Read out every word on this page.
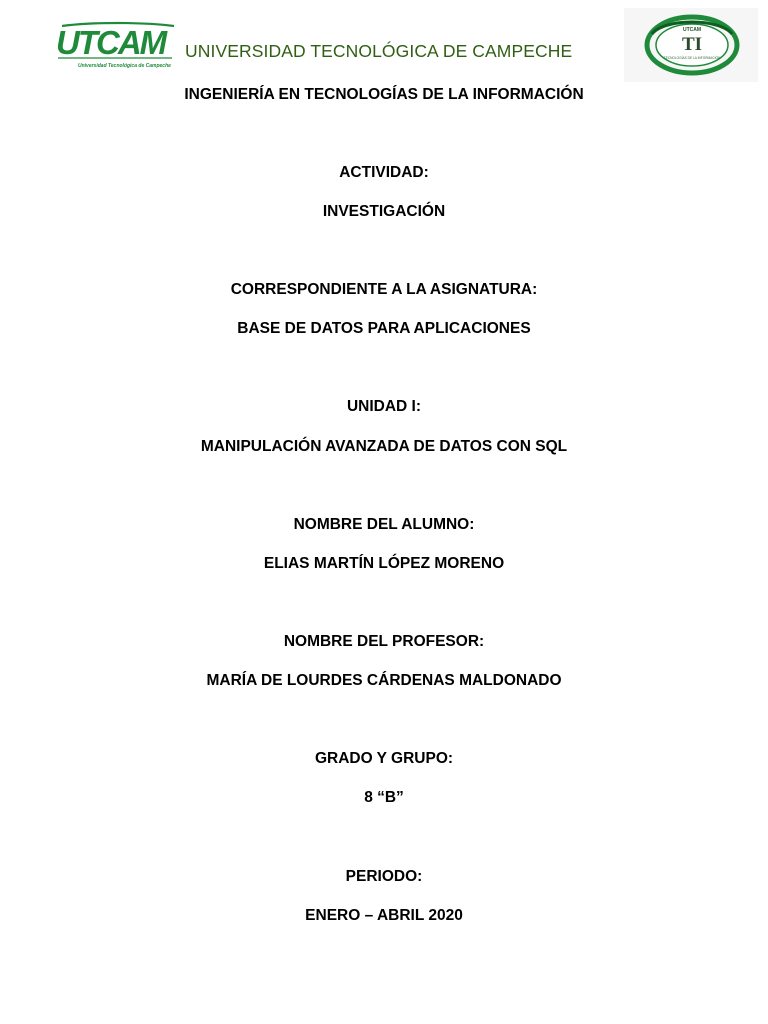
UTCAM
Universidad Tecnológica de Campeche
UNIVERSIDAD TECNOLÓGICA DE CAMPECHE
UTCAM
TI
TECNOLOGÍAS DE LA INFORMACIÓN
INGENIERÍA EN TECNOLOGÍAS DE LA INFORMACIÓN
ACTIVIDAD:
INVESTIGACIÓN
CORRESPONDIENTE A LA ASIGNATURA:
BASE DE DATOS PARA APLICACIONES
UNIDAD I:
MANIPULACIÓN AVANZADA DE DATOS CON SQL
NOMBRE DEL ALUMNO:
ELIAS MARTÍN LÓPEZ MORENO
NOMBRE DEL PROFESOR:
MARÍA DE LOURDES CÁRDENAS MALDONADO
GRADO Y GRUPO:
8 “B”
PERIODO:
ENERO – ABRIL 2020
